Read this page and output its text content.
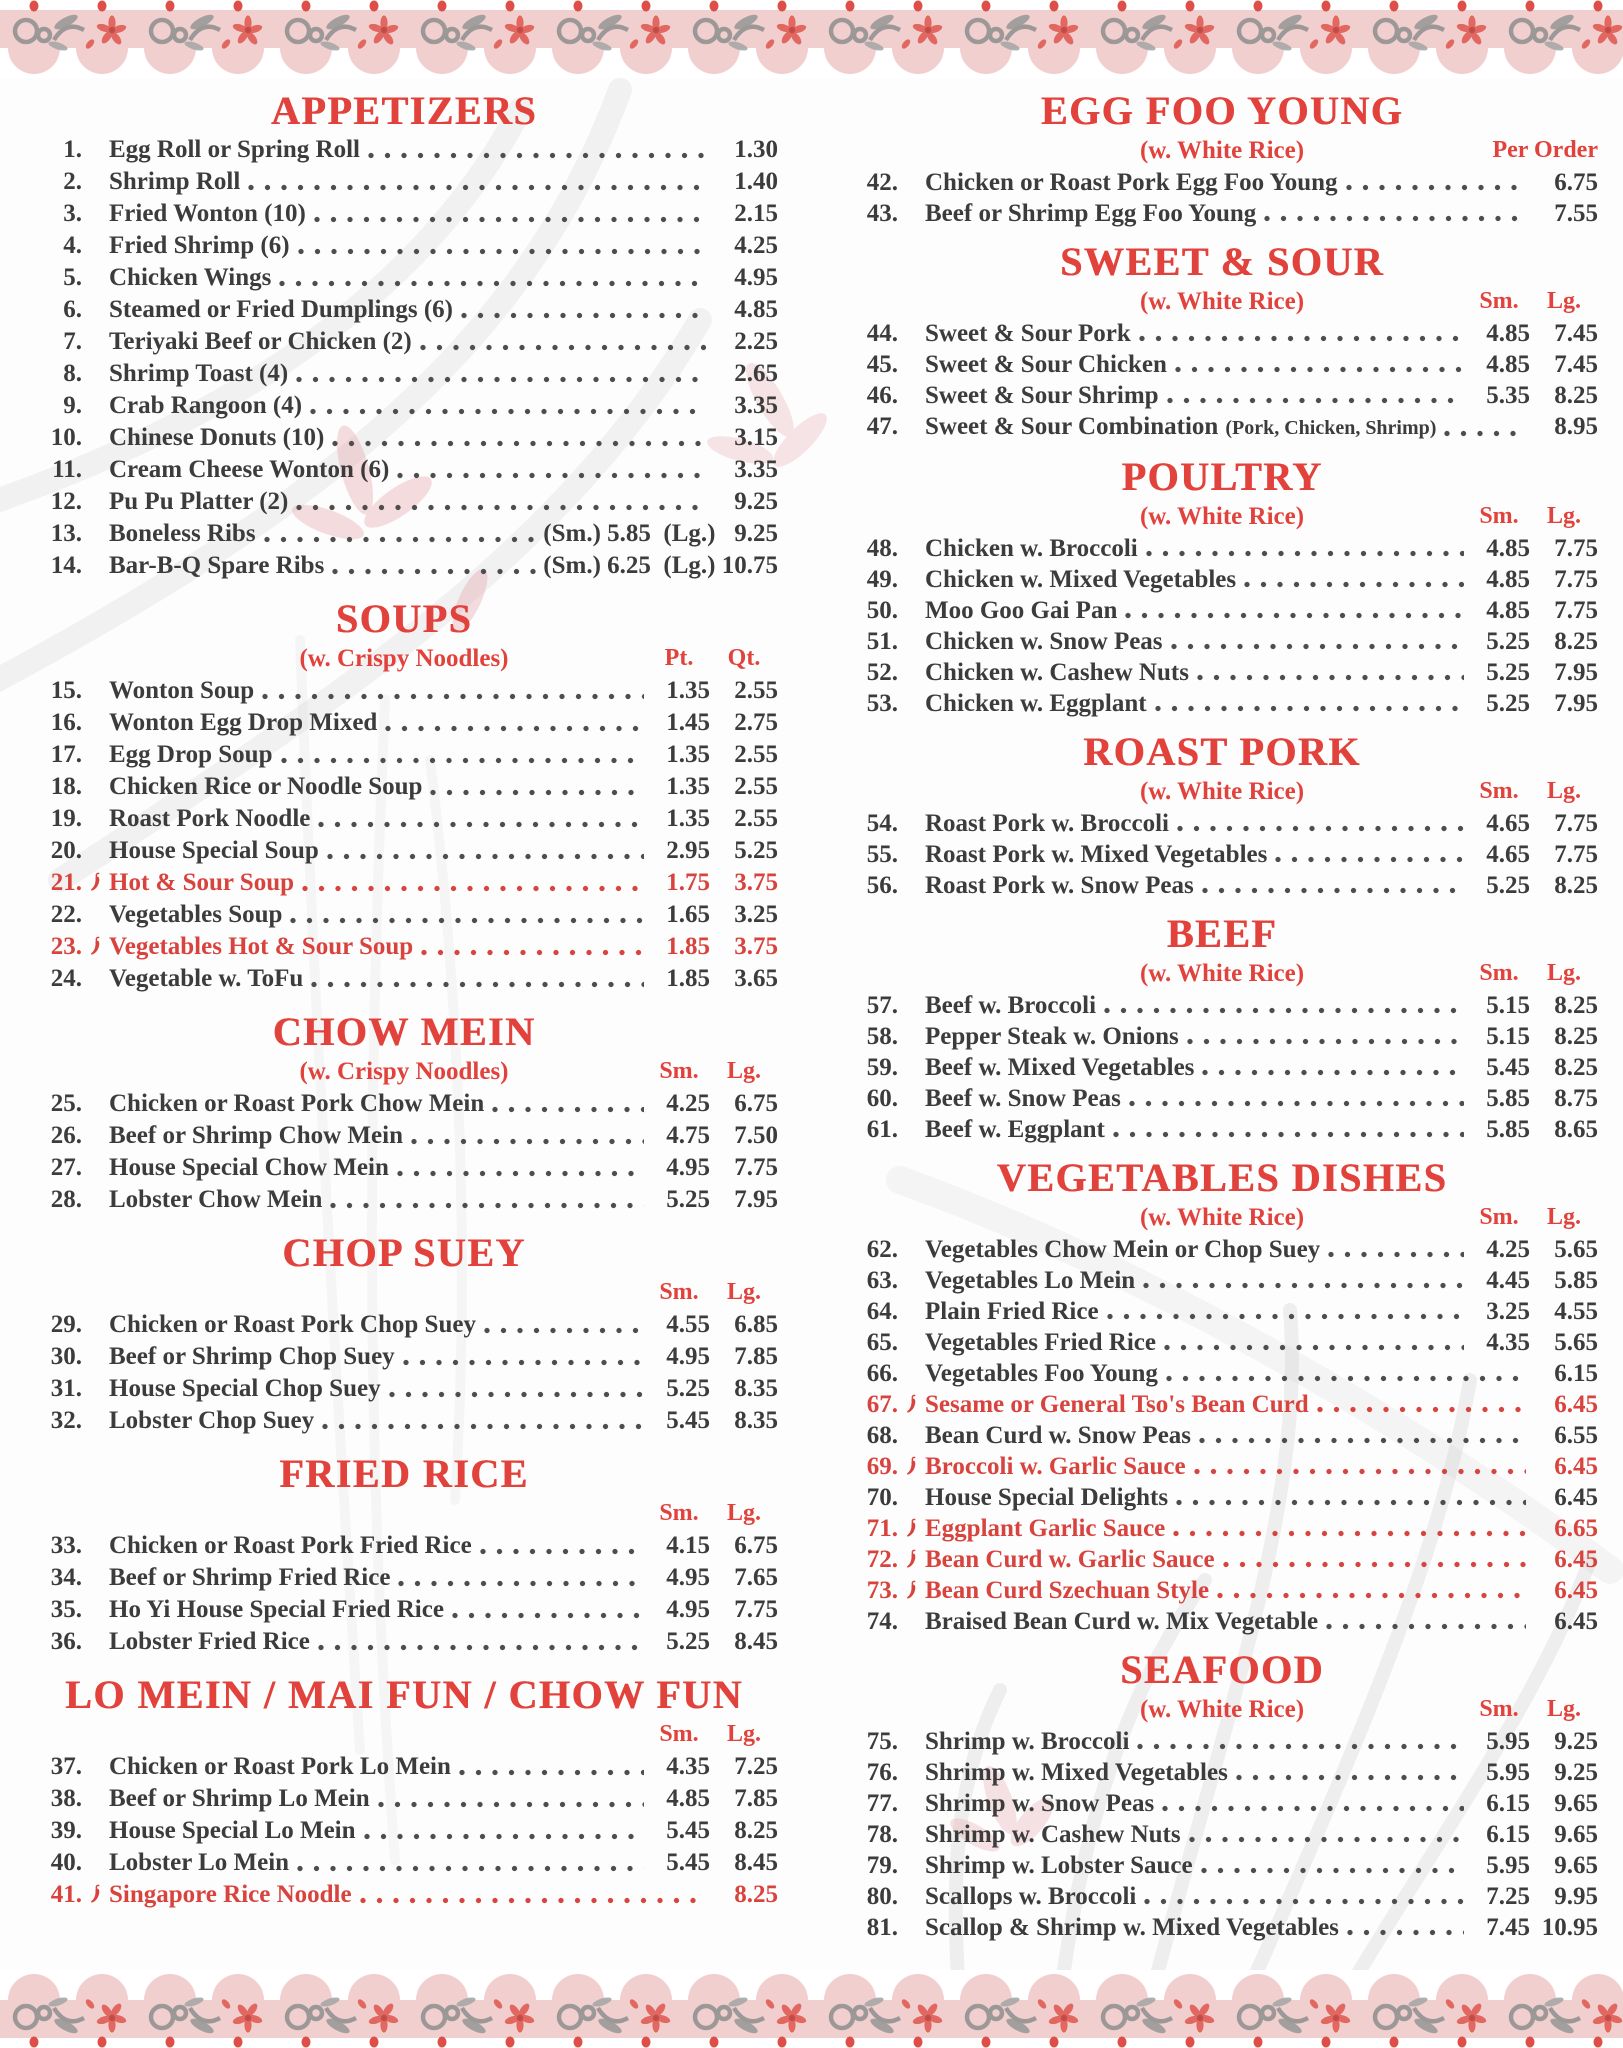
APPETIZERS
1. Egg Roll or Spring Roll	1.30
2. Shrimp Roll	1.40
3. Fried Wonton (10)	2.15
4. Fried Shrimp (6)	4.25
5. Chicken Wings	4.95
6. Steamed or Fried Dumplings (6)	4.85
7. Teriyaki Beef or Chicken (2)	2.25
8. Shrimp Toast (4)	2.65
9. Crab Rangoon (4)	3.35
10. Chinese Donuts (10)	3.15
11. Cream Cheese Wonton (6)	3.35
12. Pu Pu Platter (2)	9.25
13. Boneless Ribs	(Sm.) 5.85  (Lg.)   9.25
14. Bar-B-Q Spare Ribs	(Sm.) 6.25  (Lg.) 10.75
SOUPS
(w. Crispy Noodles)	Pt.	Qt.
15. Wonton Soup	1.35 2.55
16. Wonton Egg Drop Mixed	1.45 2.75
17. Egg Drop Soup	1.35 2.55
18. Chicken Rice or Noodle Soup	1.35 2.55
19. Roast Pork Noodle	1.35 2.55
20. House Special Soup	2.95 5.25
21. Hot & Sour Soup	1.75 3.75
22. Vegetables Soup	1.65 3.25
23. Vegetables Hot & Sour Soup	1.85 3.75
24. Vegetable w. ToFu	1.85 3.65
CHOW MEIN
(w. Crispy Noodles)	Sm.	Lg.
25. Chicken or Roast Pork Chow Mein	4.25 6.75
26. Beef or Shrimp Chow Mein	4.75 7.50
27. House Special Chow Mein	4.95 7.75
28. Lobster Chow Mein	5.25 7.95
CHOP SUEY
Sm.	Lg.
29. Chicken or Roast Pork Chop Suey	4.55 6.85
30. Beef or Shrimp Chop Suey	4.95 7.85
31. House Special Chop Suey	5.25 8.35
32. Lobster Chop Suey	5.45 8.35
FRIED RICE
Sm.	Lg.
33. Chicken or Roast Pork Fried Rice	4.15 6.75
34. Beef or Shrimp Fried Rice	4.95 7.65
35. Ho Yi House Special Fried Rice	4.95 7.75
36. Lobster Fried Rice	5.25 8.45
LO MEIN / MAI FUN / CHOW FUN
Sm.	Lg.
37. Chicken or Roast Pork Lo Mein	4.35 7.25
38. Beef or Shrimp Lo Mein	4.85 7.85
39. House Special Lo Mein	5.45 8.25
40. Lobster Lo Mein	5.45 8.45
41. Singapore Rice Noodle	8.25
EGG FOO YOUNG
(w. White Rice)	Per Order
42. Chicken or Roast Pork Egg Foo Young	6.75
43. Beef or Shrimp Egg Foo Young	7.55
SWEET & SOUR
(w. White Rice)	Sm.	Lg.
44. Sweet & Sour Pork	4.85 7.45
45. Sweet & Sour Chicken	4.85 7.45
46. Sweet & Sour Shrimp	5.35 8.25
47. Sweet & Sour Combination (Pork, Chicken, Shrimp)	8.95
POULTRY
(w. White Rice)	Sm.	Lg.
48. Chicken w. Broccoli	4.85 7.75
49. Chicken w. Mixed Vegetables	4.85 7.75
50. Moo Goo Gai Pan	4.85 7.75
51. Chicken w. Snow Peas	5.25 8.25
52. Chicken w. Cashew Nuts	5.25 7.95
53. Chicken w. Eggplant	5.25 7.95
ROAST PORK
(w. White Rice)	Sm.	Lg.
54. Roast Pork w. Broccoli	4.65 7.75
55. Roast Pork w. Mixed Vegetables	4.65 7.75
56. Roast Pork w. Snow Peas	5.25 8.25
BEEF
(w. White Rice)	Sm.	Lg.
57. Beef w. Broccoli	5.15 8.25
58. Pepper Steak w. Onions	5.15 8.25
59. Beef w. Mixed Vegetables	5.45 8.25
60. Beef w. Snow Peas	5.85 8.75
61. Beef w. Eggplant	5.85 8.65
VEGETABLES DISHES
(w. White Rice)	Sm.	Lg.
62. Vegetables Chow Mein or Chop Suey	4.25 5.65
63. Vegetables Lo Mein	4.45 5.85
64. Plain Fried Rice	3.25 4.55
65. Vegetables Fried Rice	4.35 5.65
66. Vegetables Foo Young	6.15
67. Sesame or General Tso's Bean Curd	6.45
68. Bean Curd w. Snow Peas	6.55
69. Broccoli w. Garlic Sauce	6.45
70. House Special Delights	6.45
71. Eggplant Garlic Sauce	6.65
72. Bean Curd w. Garlic Sauce	6.45
73. Bean Curd Szechuan Style	6.45
74. Braised Bean Curd w. Mix Vegetable	6.45
SEAFOOD
(w. White Rice)	Sm.	Lg.
75. Shrimp w. Broccoli	5.95 9.25
76. Shrimp w. Mixed Vegetables	5.95 9.25
77. Shrimp w. Snow Peas	6.15 9.65
78. Shrimp w. Cashew Nuts	6.15 9.65
79. Shrimp w. Lobster Sauce	5.95 9.65
80. Scallops w. Broccoli	7.25 9.95
81. Scallop & Shrimp w. Mixed Vegetables	7.45 10.95
